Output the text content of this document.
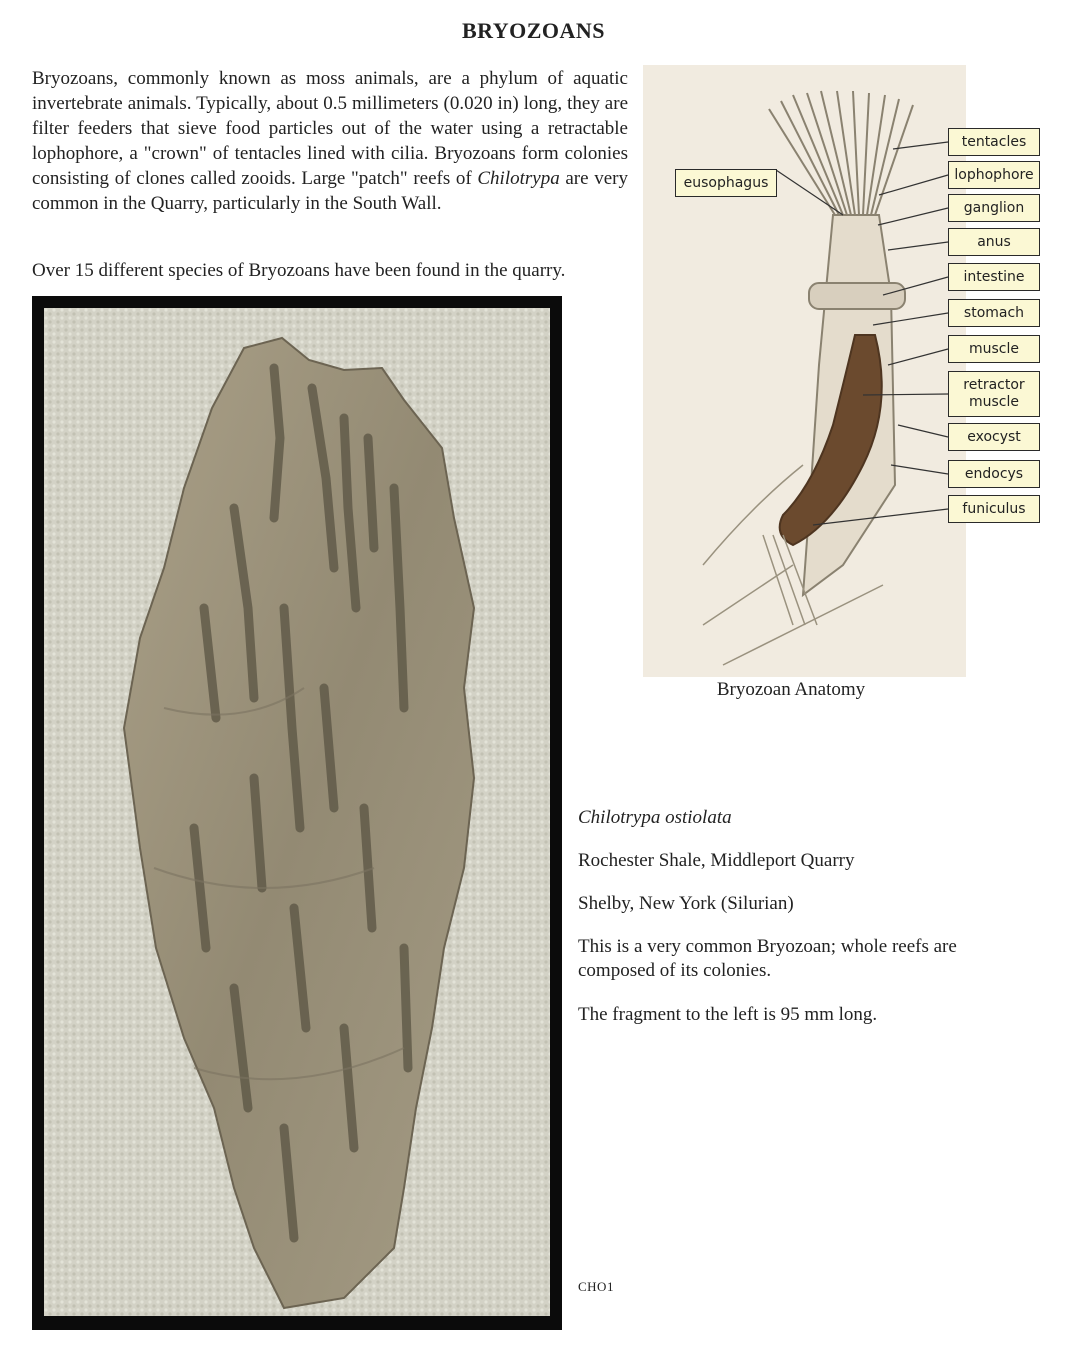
BRYOZOANS

Bryozoans, commonly known as moss animals, are a phylum of aquatic invertebrate animals. Typically, about 0.5 millimeters (0.020 in) long, they are filter feeders that sieve food particles out of the water using a retractable lophophore, a "crown" of tentacles lined with cilia. Bryozoans form colonies consisting of clones called zooids. Large "patch" reefs of Chilotrypa are very common in the Quarry, particularly in the South Wall.

Over 15 different species of Bryozoans have been found in the quarry.

eusophagus
tentacles
lophophore
ganglion
anus
intestine
stomach
muscle
retractor muscle
exocyst
endocys
funiculus
Bryozoan Anatomy

Chilotrypa ostiolata

Rochester Shale, Middleport Quarry

Shelby, New York (Silurian)

This is a very common Bryozoan; whole reefs are composed of its colonies.

The fragment to the left is 95 mm long.

CHO1
